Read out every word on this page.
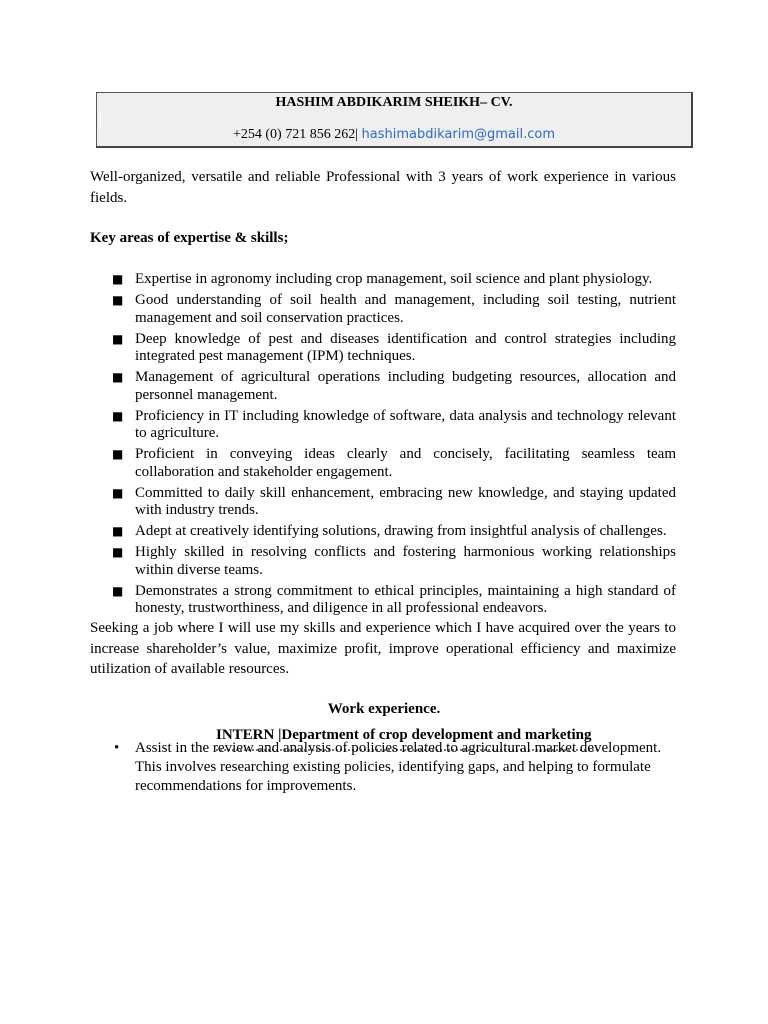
HASHIM ABDIKARIM SHEIKH– CV.
+254 (0) 721 856 262| hashimabdikarim@gmail.com
Well-organized, versatile and reliable Professional with 3 years of work experience in various fields.
Key areas of expertise & skills;
■ Expertise in agronomy including crop management, soil science and plant physiology.
■ Good understanding of soil health and management, including soil testing, nutrient management and soil conservation practices.
■ Deep knowledge of pest and diseases identification and control strategies including integrated pest management (IPM) techniques.
■ Management of agricultural operations including budgeting resources, allocation and personnel management.
■ Proficiency in IT including knowledge of software, data analysis and technology relevant to agriculture.
■ Proficient in conveying ideas clearly and concisely, facilitating seamless team collaboration and stakeholder engagement.
■ Committed to daily skill enhancement, embracing new knowledge, and staying updated with industry trends.
■ Adept at creatively identifying solutions, drawing from insightful analysis of challenges.
■ Highly skilled in resolving conflicts and fostering harmonious working relationships within diverse teams.
■ Demonstrates a strong commitment to ethical principles, maintaining a high standard of honesty, trustworthiness, and diligence in all professional endeavors.
Seeking a job where I will use my skills and experience which I have acquired over the years to increase shareholder’s value, maximize profit, improve operational efficiency and maximize utilization of available resources.
Work experience.
INTERN |Department of crop development and marketing
• Assist in the review and analysis of policies related to agricultural market development. This involves researching existing policies, identifying gaps, and helping to formulate recommendations for improvements.
